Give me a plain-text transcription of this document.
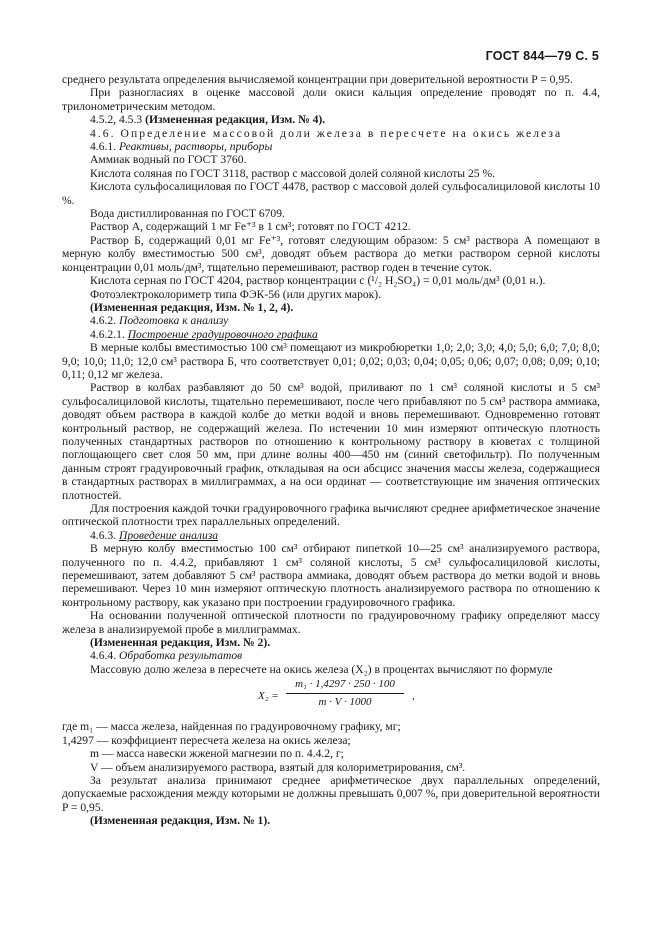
ГОСТ 844—79 С. 5

среднего результата определения вычисляемой концентрации при доверительной вероятности P = 0,95.

При разногласиях в оценке массовой доли окиси кальция определение проводят по п. 4.4, трилонометрическим методом.

4.5.2, 4.5.3 (Измененная редакция, Изм. № 4).

4.6. Определение массовой доли железа в пересчете на окись железа

4.6.1. Реактивы, растворы, приборы

Аммиак водный по ГОСТ 3760.

Кислота соляная по ГОСТ 3118, раствор с массовой долей соляной кислоты 25 %.

Кислота сульфосалициловая по ГОСТ 4478, раствор с массовой долей сульфосалициловой кислоты 10 %.

Вода дистиллированная по ГОСТ 6709.

Раствор А, содержащий 1 мг Fe⁺³ в 1 см³; готовят по ГОСТ 4212.

Раствор Б, содержащий 0,01 мг Fe⁺³, готовят следующим образом: 5 см³ раствора А помещают в мерную колбу вместимостью 500 см³, доводят объем раствора до метки раствором серной кислоты концентрации 0,01 моль/дм³, тщательно перемешивают, раствор годен в течение суток.

Кислота серная по ГОСТ 4204, раствор концентрации c (¹/₂ H₂SO₄) = 0,01 моль/дм³ (0,01 н.).

Фотоэлектроколориметр типа ФЭК-56 (или других марок).

(Измененная редакция, Изм. № 1, 2, 4).

4.6.2. Подготовка к анализу

4.6.2.1. Построение градуировочного графика

В мерные колбы вместимостью 100 см³ помещают из микробюретки 1,0; 2,0; 3,0; 4,0; 5,0; 6,0; 7,0; 8,0; 9,0; 10,0; 11,0; 12,0 см³ раствора Б, что соответствует 0,01; 0,02; 0,03; 0,04; 0,05; 0,06; 0,07; 0,08; 0,09; 0,10; 0,11; 0,12 мг железа.

Раствор в колбах разбавляют до 50 см³ водой, приливают по 1 см³ соляной кислоты и 5 см³ сульфосалициловой кислоты, тщательно перемешивают, после чего прибавляют по 5 см³ раствора аммиака, доводят объем раствора в каждой колбе до метки водой и вновь перемешивают. Одновременно готовят контрольный раствор, не содержащий железа. По истечении 10 мин измеряют оптическую плотность полученных стандартных растворов по отношению к контрольному раствору в кюветах с толщиной поглощающего свет слоя 50 мм, при длине волны 400—450 нм (синий светофильтр). По полученным данным строят градуировочный график, откладывая на оси абсцисс значения массы железа, содержащиеся в стандартных растворах в миллиграммах, а на оси ординат — соответствующие им значения оптических плотностей.

Для построения каждой точки градуировочного графика вычисляют среднее арифметическое значение оптической плотности трех параллельных определений.

4.6.3. Проведение анализа

В мерную колбу вместимостью 100 см³ отбирают пипеткой 10—25 см³ анализируемого раствора, полученного по п. 4.4.2, прибавляют 1 см³ соляной кислоты, 5 см³ сульфосалициловой кислоты, перемешивают, затем добавляют 5 см³ раствора аммиака, доводят объем раствора до метки водой и вновь перемешивают. Через 10 мин измеряют оптическую плотность анализируемого раствора по отношению к контрольному раствору, как указано при построении градуировочного графика.

На основании полученной оптической плотности по градуировочному графику определяют массу железа в анализируемой пробе в миллиграммах.

(Измененная редакция, Изм. № 2).

4.6.4. Обработка результатов

Массовую долю железа в пересчете на окись железа (X₂) в процентах вычисляют по формуле

X₂ =
m₁ · 1,4297 · 250 · 100
m · V · 1000	,

где m₁ — масса железа, найденная по градуировочному графику, мг;

1,4297 — коэффициент пересчета железа на окись железа;

m — масса навески жженой магнезии по п. 4.4.2, г;

V — объем анализируемого раствора, взятый для колориметрирования, см³.

За результат анализа принимают среднее арифметическое двух параллельных определений, допускаемые расхождения между которыми не должны превышать 0,007 %, при доверительной вероятности P = 0,95.

(Измененная редакция, Изм. № 1).
